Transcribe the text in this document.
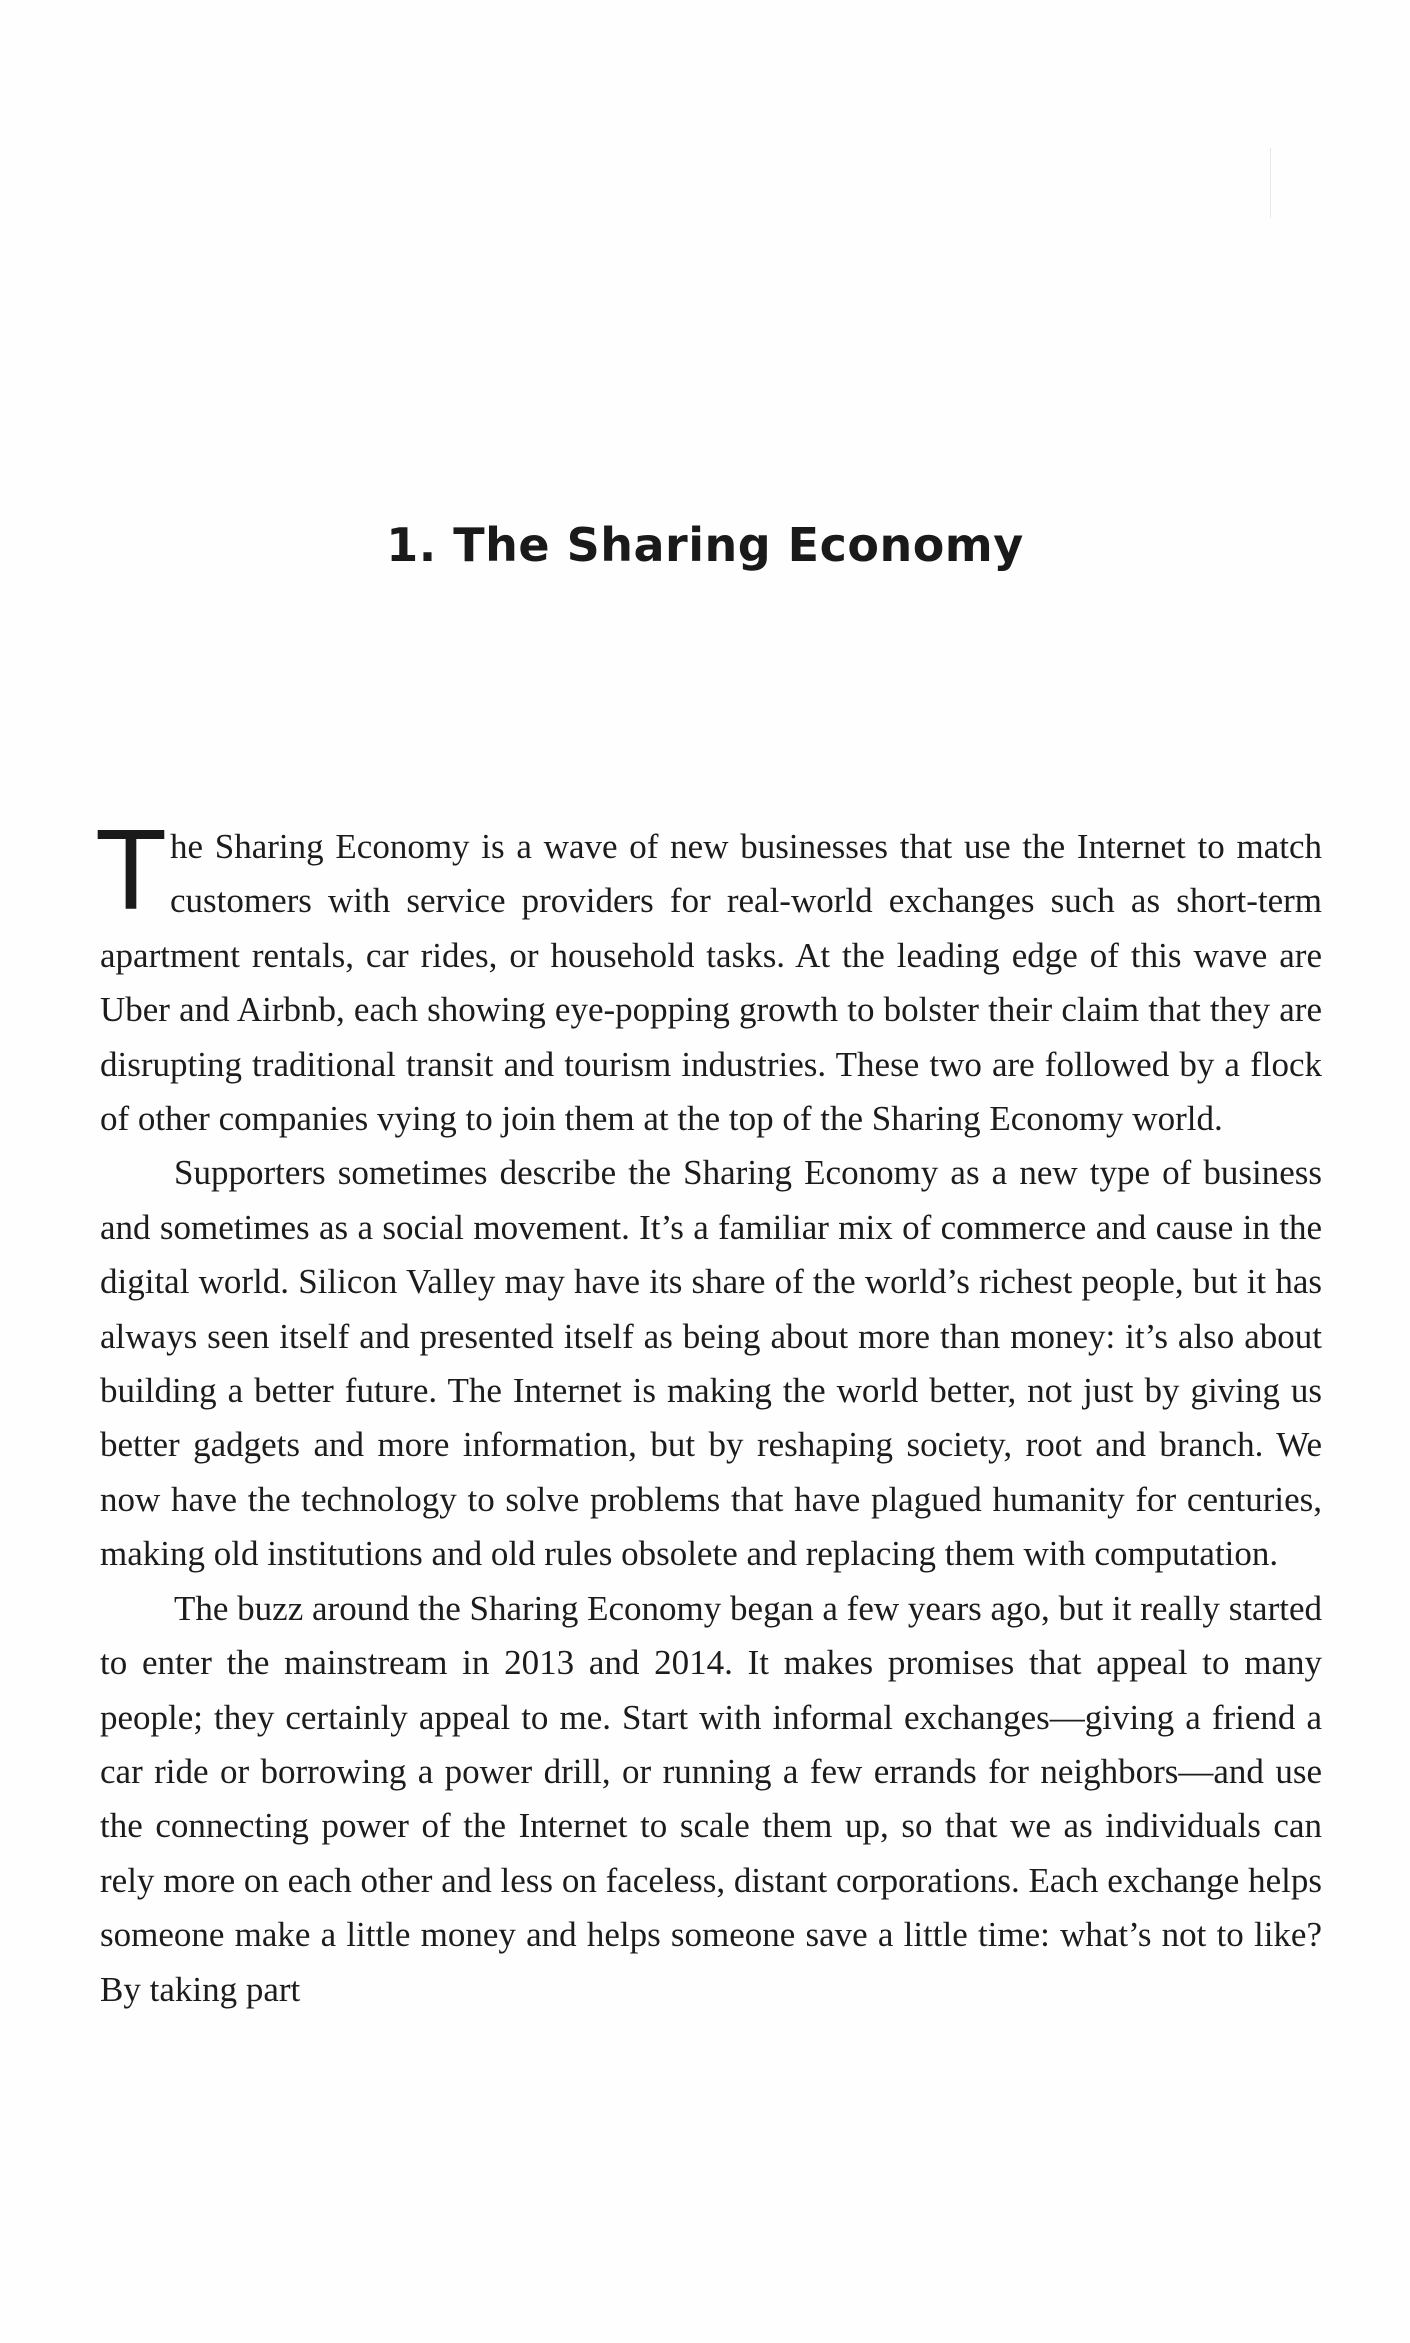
1. The Sharing Economy

The Sharing Economy is a wave of new businesses that use the Internet to match customers with service providers for real-world exchanges such as short-term apartment rentals, car rides, or household tasks. At the leading edge of this wave are Uber and Airbnb, each showing eye-popping growth to bolster their claim that they are disrupting traditional transit and tourism industries. These two are followed by a flock of other companies vying to join them at the top of the Sharing Economy world.

Supporters sometimes describe the Sharing Economy as a new type of business and sometimes as a social movement. It’s a familiar mix of commerce and cause in the digital world. Silicon Valley may have its share of the world’s richest people, but it has always seen itself and presented itself as being about more than money: it’s also about building a better future. The Internet is making the world better, not just by giving us better gadgets and more information, but by reshaping society, root and branch. We now have the technology to solve problems that have plagued humanity for centuries, making old institutions and old rules obsolete and replacing them with computation.

The buzz around the Sharing Economy began a few years ago, but it really started to enter the mainstream in 2013 and 2014. It makes promises that appeal to many people; they certainly appeal to me. Start with informal exchanges—giving a friend a car ride or borrowing a power drill, or running a few errands for neighbors—and use the connecting power of the Internet to scale them up, so that we as individuals can rely more on each other and less on faceless, distant corporations. Each exchange helps someone make a little money and helps someone save a little time: what’s not to like? By taking part
